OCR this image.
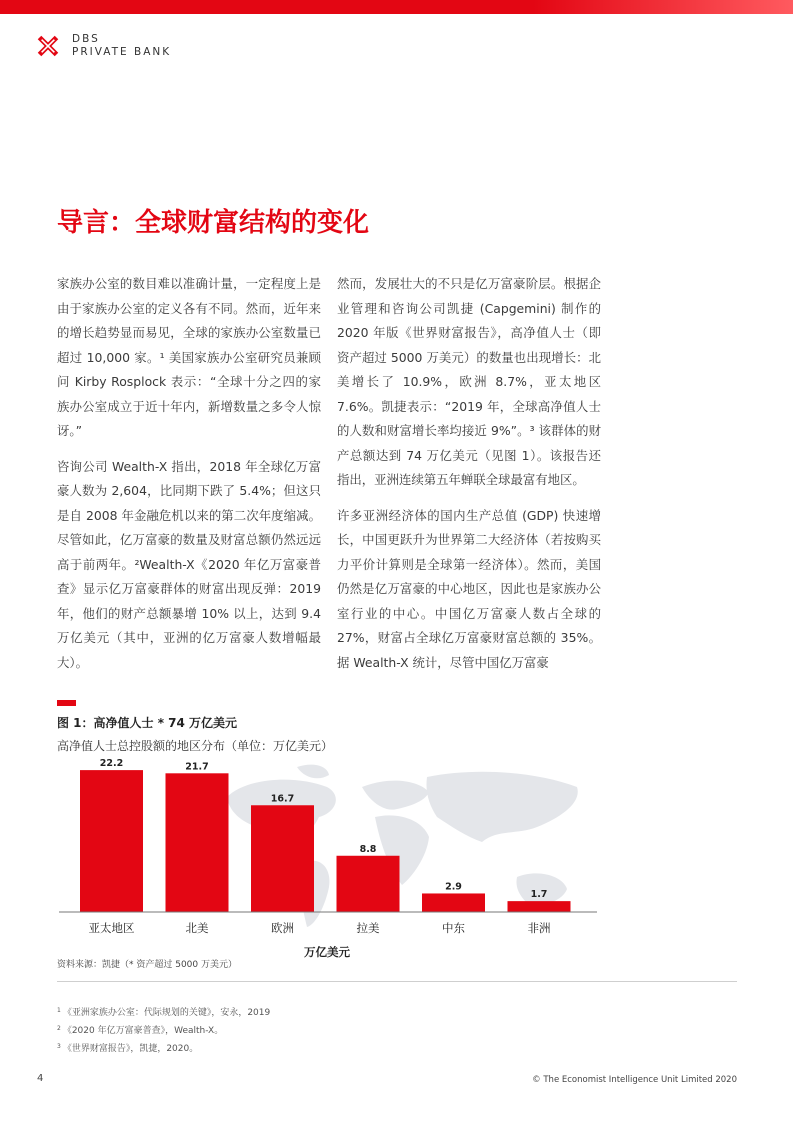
DBS
PRIVATE BANK
导言：全球财富结构的变化

家族办公室的数目难以准确计量，一定程度上是由于家族办公室的定义各有不同。然而，近年来的增长趋势显而易见，全球的家族办公室数量已超过 10,000 家。¹ 美国家族办公室研究员兼顾问 Kirby Rosplock 表示：“全球十分之四的家族办公室成立于近十年内，新增数量之多令人惊讶。”

咨询公司 Wealth-X 指出，2018 年全球亿万富豪人数为 2,604，比同期下跌了 5.4%；但这只是自 2008 年金融危机以来的第二次年度缩减。尽管如此，亿万富豪的数量及财富总额仍然远远高于前两年。²Wealth-X《2020 年亿万富豪普查》显示亿万富豪群体的财富出现反弹：2019 年，他们的财产总额暴增 10% 以上，达到 9.4 万亿美元（其中，亚洲的亿万富豪人数增幅最大）。

然而，发展壮大的不只是亿万富豪阶层。根据企业管理和咨询公司凯捷 (Capgemini) 制作的 2020 年版《世界财富报告》，高净值人士（即资产超过 5000 万美元）的数量也出现增长：北美增长了 10.9%，欧洲 8.7%，亚太地区 7.6%。凯捷表示：“2019 年，全球高净值人士的人数和财富增长率均接近 9%”。³ 该群体的财产总额达到 74 万亿美元（见图 1）。该报告还指出，亚洲连续第五年蝉联全球最富有地区。

许多亚洲经济体的国内生产总值 (GDP) 快速增长，中国更跃升为世界第二大经济体（若按购买力平价计算则是全球第一经济体）。然而，美国仍然是亿万富豪的中心地区，因此也是家族办公室行业的中心。中国亿万富豪人数占全球的 27%，财富占全球亿万富豪财富总额的 35%。据 Wealth-X 统计，尽管中国亿万富豪

图 1：高净值人士 * 74 万亿美元
高净值人士总控股额的地区分布（单位：万亿美元）
22.2
亚太地区
21.7
北美
16.7
欧洲
8.8
拉美
2.9
中东
1.7
非洲
万亿美元
资料来源：凯捷（* 资产超过 5000 万美元）
$^1$ 《亚洲家族办公室：代际规划的关键》，安永，2019
$^2$ 《2020 年亿万富豪普查》，Wealth-X。
$^3$ 《世界财富报告》，凯捷，2020。
4	© The Economist Intelligence Unit Limited 2020
